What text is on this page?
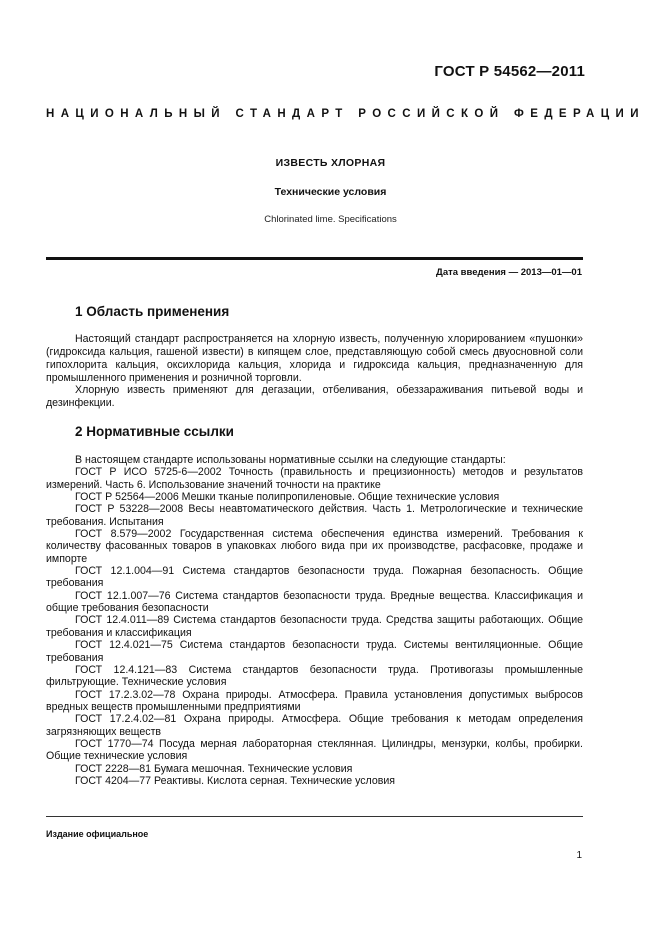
ГОСТ Р 54562—2011
НАЦИОНАЛЬНЫЙ СТАНДАРТ РОССИЙСКОЙ ФЕДЕРАЦИИ
ИЗВЕСТЬ ХЛОРНАЯ
Технические условия
Chlorinated lime. Specifications
Дата введения — 2013—01—01
1 Область применения

Настоящий стандарт распространяется на хлорную известь, полученную хлорированием «пушонки» (гидроксида кальция, гашеной извести) в кипящем слое, представляющую собой смесь двуосновной соли гипохлорита кальция, оксихлорида кальция, хлорида и гидроксида кальция, предназначенную для промышленного применения и розничной торговли.

Хлорную известь применяют для дегазации, отбеливания, обеззараживания питьевой воды и дезинфекции.

2 Нормативные ссылки

В настоящем стандарте использованы нормативные ссылки на следующие стандарты:

ГОСТ Р ИСО 5725-6—2002 Точность (правильность и прецизионность) методов и результатов измерений. Часть 6. Использование значений точности на практике

ГОСТ Р 52564—2006 Мешки тканые полипропиленовые. Общие технические условия

ГОСТ Р 53228—2008 Весы неавтоматического действия. Часть 1. Метрологические и технические требования. Испытания

ГОСТ 8.579—2002 Государственная система обеспечения единства измерений. Требования к количеству фасованных товаров в упаковках любого вида при их производстве, расфасовке, продаже и импорте

ГОСТ 12.1.004—91 Система стандартов безопасности труда. Пожарная безопасность. Общие требования

ГОСТ 12.1.007—76 Система стандартов безопасности труда. Вредные вещества. Классификация и общие требования безопасности

ГОСТ 12.4.011—89 Система стандартов безопасности труда. Средства защиты работающих. Общие требования и классификация

ГОСТ 12.4.021—75 Система стандартов безопасности труда. Системы вентиляционные. Общие требования

ГОСТ 12.4.121—83 Система стандартов безопасности труда. Противогазы промышленные фильтрующие. Технические условия

ГОСТ 17.2.3.02—78 Охрана природы. Атмосфера. Правила установления допустимых выбросов вредных веществ промышленными предприятиями

ГОСТ 17.2.4.02—81 Охрана природы. Атмосфера. Общие требования к методам определения загрязняющих веществ

ГОСТ 1770—74 Посуда мерная лабораторная стеклянная. Цилиндры, мензурки, колбы, пробирки. Общие технические условия

ГОСТ 2228—81 Бумага мешочная. Технические условия

ГОСТ 4204—77 Реактивы. Кислота серная. Технические условия

Издание официальное
1
